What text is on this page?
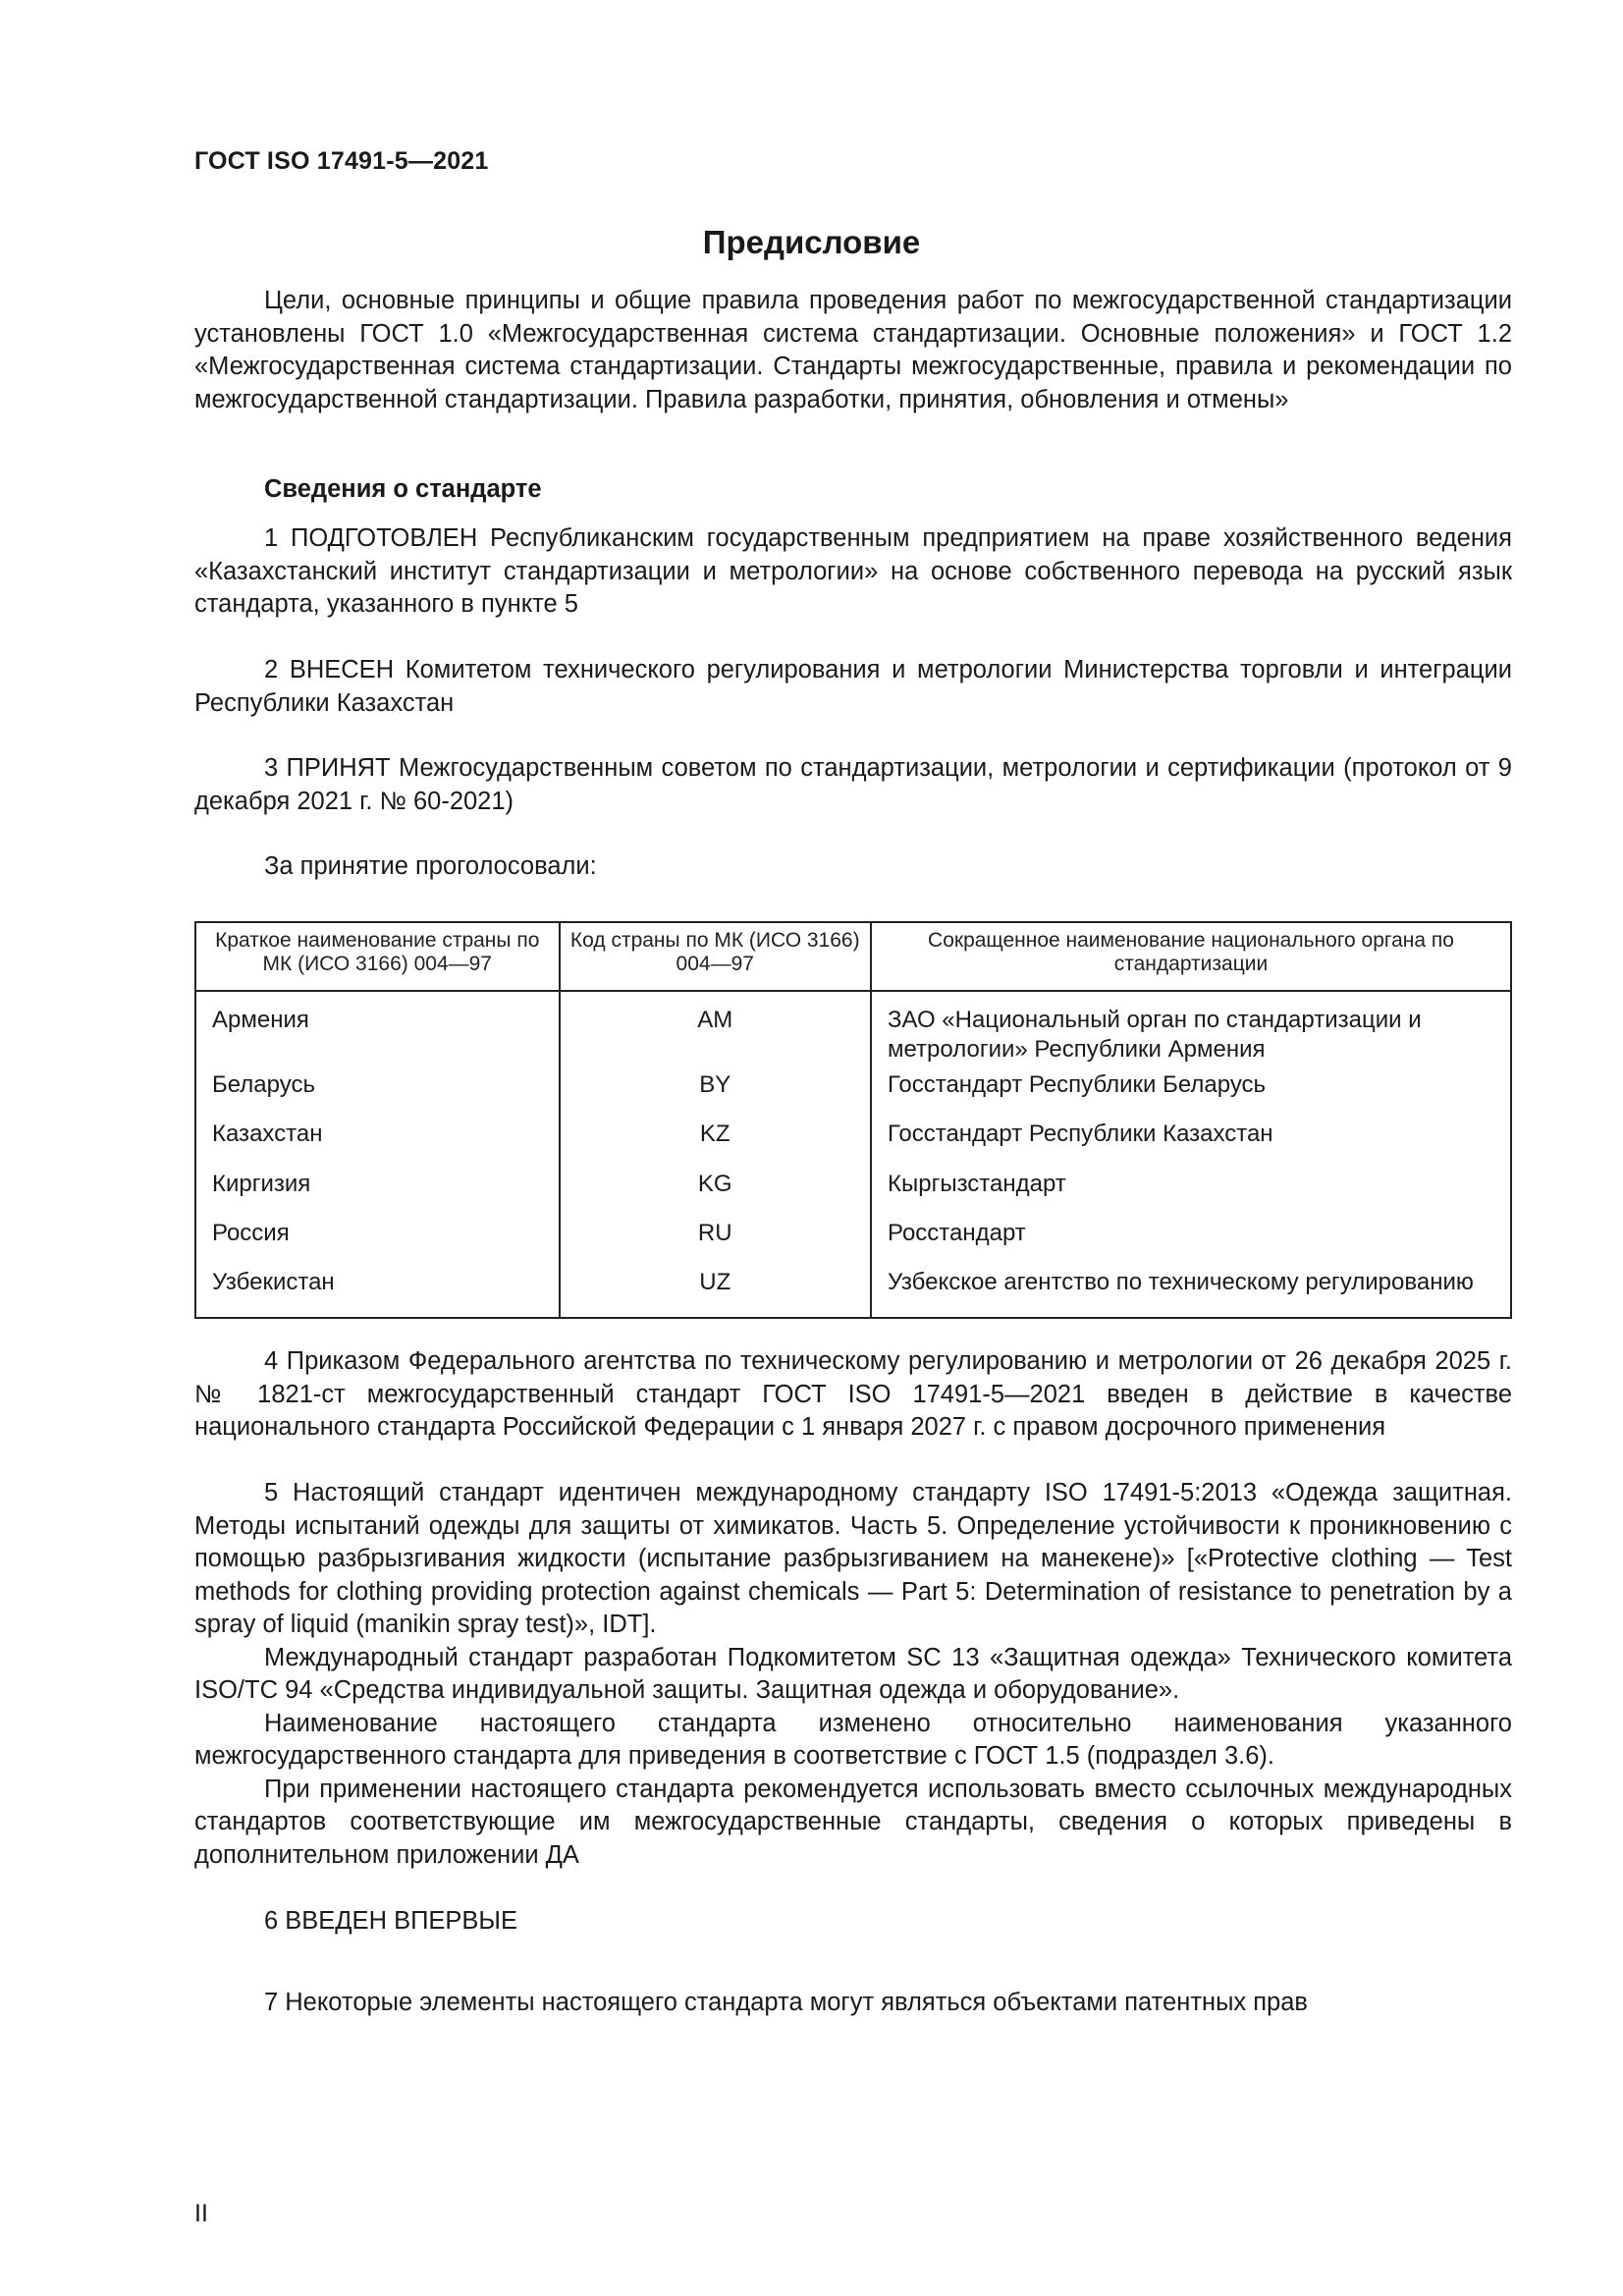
ГОСТ ISO 17491-5—2021
Предисловие

Цели, основные принципы и общие правила проведения работ по межгосударственной стандартизации установлены ГОСТ 1.0 «Межгосударственная система стандартизации. Основные положения» и ГОСТ 1.2 «Межгосударственная система стандартизации. Стандарты межгосударственные, правила и рекомендации по межгосударственной стандартизации. Правила разработки, принятия, обновления и отмены»

Сведения о стандарте

1 ПОДГОТОВЛЕН Республиканским государственным предприятием на праве хозяйственного ведения «Казахстанский институт стандартизации и метрологии» на основе собственного перевода на русский язык стандарта, указанного в пункте 5

2 ВНЕСЕН Комитетом технического регулирования и метрологии Министерства торговли и интеграции Республики Казахстан

3 ПРИНЯТ Межгосударственным советом по стандартизации, метрологии и сертификации (протокол от 9 декабря 2021 г. № 60-2021)

За принятие проголосовали:

Краткое наименование страны по МК (ИСО 3166) 004—97	Код страны по МК (ИСО 3166) 004—97	Сокращенное наименование национального органа по стандартизации
Армения	AM	ЗАО «Национальный орган по стандартизации и метрологии» Республики Армения
Беларусь	BY	Госстандарт Республики Беларусь
Казахстан	KZ	Госстандарт Республики Казахстан
Киргизия	KG	Кыргызстандарт
Россия	RU	Росстандарт
Узбекистан	UZ	Узбекское агентство по техническому регулированию

4 Приказом Федерального агентства по техническому регулированию и метрологии от 26 декабря 2025 г. № 1821-ст межгосударственный стандарт ГОСТ ISO 17491-5—2021 введен в действие в качестве национального стандарта Российской Федерации с 1 января 2027 г. с правом досрочного применения

5 Настоящий стандарт идентичен международному стандарту ISO 17491-5:2013 «Одежда защитная. Методы испытаний одежды для защиты от химикатов. Часть 5. Определение устойчивости к проникновению с помощью разбрызгивания жидкости (испытание разбрызгиванием на манекене)» [«Protective clothing — Test methods for clothing providing protection against chemicals — Part 5: Determination of resistance to penetration by a spray of liquid (manikin spray test)», IDT].

Международный стандарт разработан Подкомитетом SC 13 «Защитная одежда» Технического комитета ISO/TC 94 «Средства индивидуальной защиты. Защитная одежда и оборудование».

Наименование настоящего стандарта изменено относительно наименования указанного межгосударственного стандарта для приведения в соответствие с ГОСТ 1.5 (подраздел 3.6).

При применении настоящего стандарта рекомендуется использовать вместо ссылочных международных стандартов соответствующие им межгосударственные стандарты, сведения о которых приведены в дополнительном приложении ДА

6 ВВЕДЕН ВПЕРВЫЕ

7 Некоторые элементы настоящего стандарта могут являться объектами патентных прав

II
